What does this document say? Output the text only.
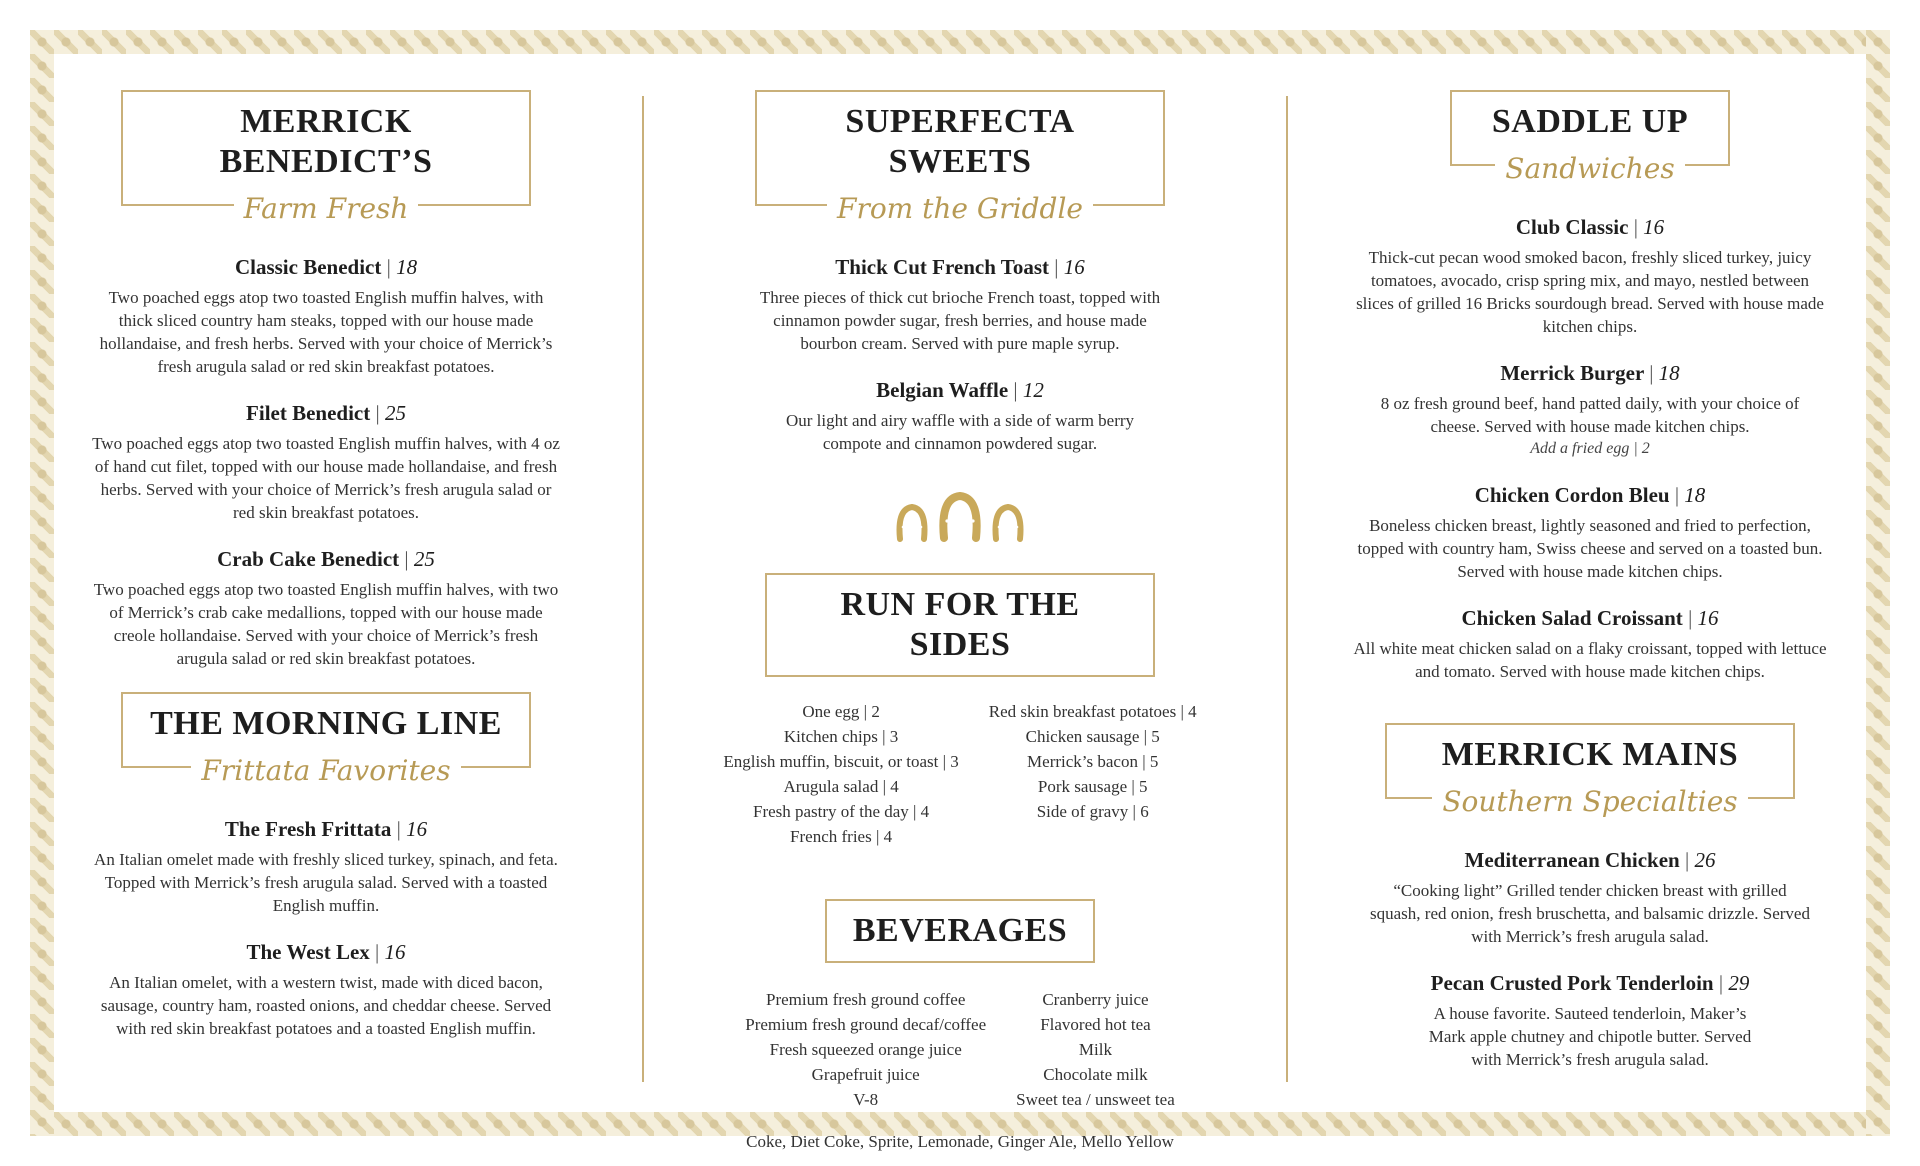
MERRICK BENEDICT’S
Farm Fresh
Classic Benedict | 18
Two poached eggs atop two toasted English muffin halves, with thick sliced country ham steaks, topped with our house made hollandaise, and fresh herbs. Served with your choice of Merrick’s fresh arugula salad or red skin breakfast potatoes.
Filet Benedict | 25
Two poached eggs atop two toasted English muffin halves, with 4 oz of hand cut filet, topped with our house made hollandaise, and fresh herbs. Served with your choice of Merrick’s fresh arugula salad or red skin breakfast potatoes.
Crab Cake Benedict | 25
Two poached eggs atop two toasted English muffin halves, with two of Merrick’s crab cake medallions, topped with our house made creole hollandaise. Served with your choice of Merrick’s fresh arugula salad or red skin breakfast potatoes.
THE MORNING LINE
Frittata Favorites
The Fresh Frittata | 16
An Italian omelet made with freshly sliced turkey, spinach, and feta. Topped with Merrick’s fresh arugula salad. Served with a toasted English muffin.
The West Lex | 16
An Italian omelet, with a western twist, made with diced bacon, sausage, country ham, roasted onions, and cheddar cheese. Served with red skin breakfast potatoes and a toasted English muffin.
SUPERFECTA SWEETS
From the Griddle
Thick Cut French Toast | 16
Three pieces of thick cut brioche French toast, topped with cinnamon powder sugar, fresh berries, and house made bourbon cream. Served with pure maple syrup.
Belgian Waffle | 12
Our light and airy waffle with a side of warm berry compote and cinnamon powdered sugar.
RUN FOR THE SIDES
One egg | 2
Kitchen chips | 3
English muffin, biscuit, or toast | 3
Arugula salad | 4
Fresh pastry of the day | 4
French fries | 4
Red skin breakfast potatoes | 4
Chicken sausage | 5
Merrick’s bacon | 5
Pork sausage | 5
Side of gravy | 6
BEVERAGES
Premium fresh ground coffee
Premium fresh ground decaf/coffee
Fresh squeezed orange juice
Grapefruit juice
V-8
Cranberry juice
Flavored hot tea
Milk
Chocolate milk
Sweet tea / unsweet tea
Coke, Diet Coke, Sprite, Lemonade, Ginger Ale, Mello Yellow
SADDLE UP
Sandwiches
Club Classic | 16
Thick-cut pecan wood smoked bacon, freshly sliced turkey, juicy tomatoes, avocado, crisp spring mix, and mayo, nestled between slices of grilled 16 Bricks sourdough bread. Served with house made kitchen chips.
Merrick Burger | 18
8 oz fresh ground beef, hand patted daily, with your choice of cheese. Served with house made kitchen chips.
Add a fried egg | 2
Chicken Cordon Bleu | 18
Boneless chicken breast, lightly seasoned and fried to perfection, topped with country ham, Swiss cheese and served on a toasted bun. Served with house made kitchen chips.
Chicken Salad Croissant | 16
All white meat chicken salad on a flaky croissant, topped with lettuce and tomato. Served with house made kitchen chips.
MERRICK MAINS
Southern Specialties
Mediterranean Chicken | 26
“Cooking light” Grilled tender chicken breast with grilled squash, red onion, fresh bruschetta, and balsamic drizzle. Served with Merrick’s fresh arugula salad.
Pecan Crusted Pork Tenderloin | 29
A house favorite. Sauteed tenderloin, Maker’s Mark apple chutney and chipotle butter. Served with Merrick’s fresh arugula salad.
